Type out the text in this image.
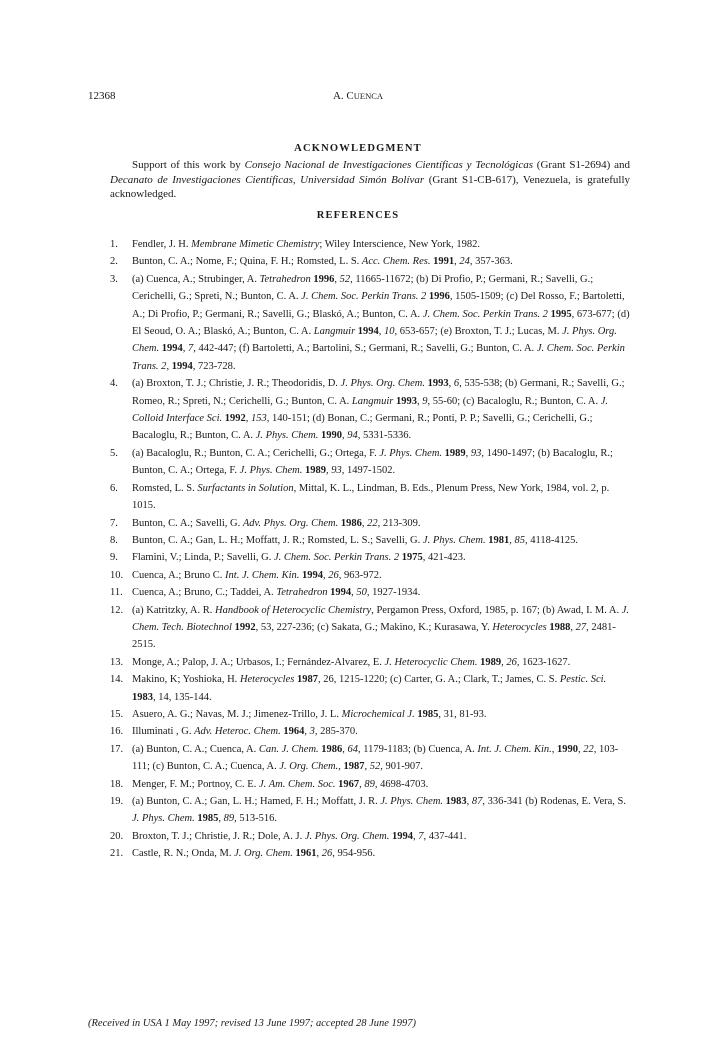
12368	A. CUENCA
ACKNOWLEDGMENT
Support of this work by Consejo Nacional de Investigaciones Científicas y Tecnológicas (Grant S1-2694) and Decanato de Investigaciones Científicas, Universidad Simón Bolívar (Grant S1-CB-617), Venezuela, is gratefully acknowledged.
REFERENCES
1.	Fendler, J. H. Membrane Mimetic Chemistry; Wiley Interscience, New York, 1982.
2.	Bunton, C. A.; Nome, F.; Quina, F. H.; Romsted, L. S. Acc. Chem. Res. 1991, 24, 357-363.
3.	(a) Cuenca, A.; Strubinger, A. Tetrahedron 1996, 52, 11665-11672; (b) Di Profio, P.; Germani, R.; Savelli, G.; Cerichelli, G.; Spreti, N.; Bunton, C. A. J. Chem. Soc. Perkin Trans. 2 1996, 1505-1509; (c) Del Rosso, F.; Bartoletti, A.; Di Profio, P.; Germani, R.; Savelli, G.; Blaskó, A.; Bunton, C. A. J. Chem. Soc. Perkin Trans. 2 1995, 673-677; (d) El Seoud, O. A.; Blaskó, A.; Bunton, C. A. Langmuir 1994, 10, 653-657; (e) Broxton, T. J.; Lucas, M. J. Phys. Org. Chem. 1994, 7, 442-447; (f) Bartoletti, A.; Bartolini, S.; Germani, R.; Savelli, G.; Bunton, C. A. J. Chem. Soc. Perkin Trans. 2, 1994, 723-728.
4.	(a) Broxton, T. J.; Christie, J. R.; Theodoridis, D. J. Phys. Org. Chem. 1993, 6, 535-538; (b) Germani, R.; Savelli, G.; Romeo, R.; Spreti, N.; Cerichelli, G.; Bunton, C. A. Langmuir 1993, 9, 55-60; (c) Bacaloglu, R.; Bunton, C. A. J. Colloid Interface Sci. 1992, 153, 140-151; (d) Bonan, C.; Germani, R.; Ponti, P. P.; Savelli, G.; Cerichelli, G.; Bacaloglu, R.; Bunton, C. A. J. Phys. Chem. 1990, 94, 5331-5336.
5.	(a) Bacaloglu, R.; Bunton, C. A.; Cerichelli, G.; Ortega, F. J. Phys. Chem. 1989, 93, 1490-1497; (b) Bacaloglu, R.; Bunton, C. A.; Ortega, F. J. Phys. Chem. 1989, 93, 1497-1502.
6.	Romsted, L. S. Surfactants in Solution, Mittal, K. L., Lindman, B. Eds., Plenum Press, New York, 1984, vol. 2, p. 1015.
7.	Bunton, C. A.; Savelli, G. Adv. Phys. Org. Chem. 1986, 22, 213-309.
8.	Bunton, C. A.; Gan, L. H.; Moffatt, J. R.; Romsted, L. S.; Savelli, G. J. Phys. Chem. 1981, 85, 4118-4125.
9.	Flamini, V.; Linda, P.; Savelli, G. J. Chem. Soc. Perkin Trans. 2 1975, 421-423.
10. Cuenca, A.; Bruno C. Int. J. Chem. Kin. 1994, 26, 963-972.
11. Cuenca, A.; Bruno, C.; Taddei, A. Tetrahedron 1994, 50, 1927-1934.
12. (a) Katritzky, A. R. Handbook of Heterocyclic Chemistry, Pergamon Press, Oxford, 1985, p. 167; (b) Awad, I. M. A. J. Chem. Tech. Biotechnol 1992, 53, 227-236; (c) Sakata, G.; Makino, K.; Kurasawa, Y. Heterocycles 1988, 27, 2481-2515.
13. Monge, A.; Palop, J. A.; Urbasos, I.; Fernández-Alvarez, E. J. Heterocyclic Chem. 1989, 26, 1623-1627.
14. Makino, K; Yoshioka, H. Heterocycles 1987, 26, 1215-1220; (c) Carter, G. A.; Clark, T.; James, C. S. Pestic. Sci. 1983, 14, 135-144.
15. Asuero, A. G.; Navas, M. J.; Jimenez-Trillo, J. L. Microchemical J. 1985, 31, 81-93.
16. Illuminati , G. Adv. Heteroc. Chem. 1964, 3, 285-370.
17. (a) Bunton, C. A.; Cuenca, A. Can. J. Chem. 1986, 64, 1179-1183; (b) Cuenca, A. Int. J. Chem. Kin., 1990, 22, 103-111; (c) Bunton, C. A.; Cuenca, A. J. Org. Chem., 1987, 52, 901-907.
18. Menger, F. M.; Portnoy, C. E. J. Am. Chem. Soc. 1967, 89, 4698-4703.
19. (a) Bunton, C. A.; Gan, L. H.; Hamed, F. H.; Moffatt, J. R. J. Phys. Chem. 1983, 87, 336-341 (b) Rodenas, E. Vera, S. J. Phys. Chem. 1985, 89, 513-516.
20. Broxton, T. J.; Christie, J. R.; Dole, A. J. J. Phys. Org. Chem. 1994, 7, 437-441.
21. Castle, R. N.; Onda, M. J. Org. Chem. 1961, 26, 954-956.
(Received in USA 1 May 1997; revised 13 June 1997; accepted 28 June 1997)
